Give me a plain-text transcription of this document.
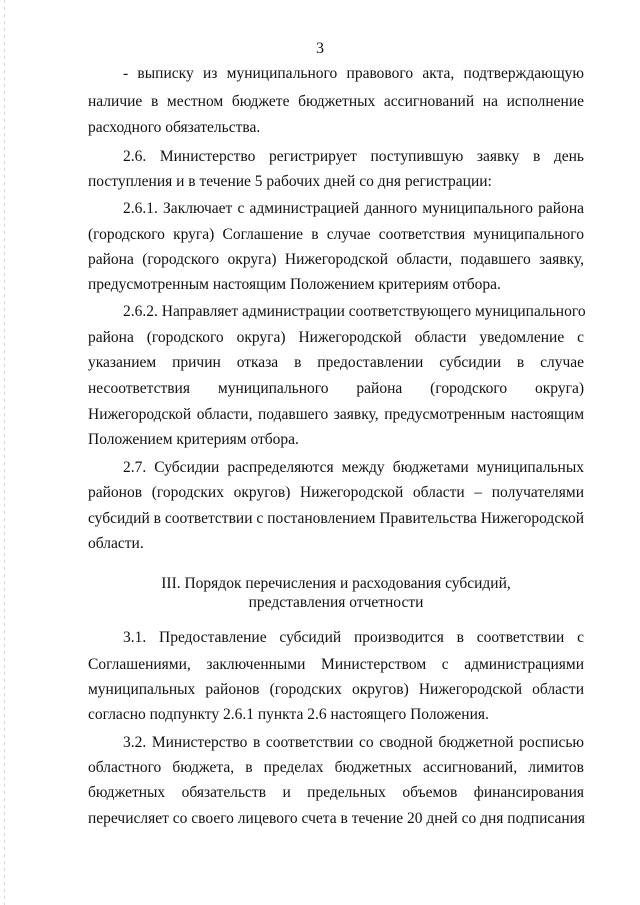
3
- выписку из муниципального правового акта, подтверждающую
наличие в местном бюджете бюджетных ассигнований на исполнение
расходного обязательства.
2.6. Министерство регистрирует поступившую заявку в день
поступления и в течение 5 рабочих дней со дня регистрации:
2.6.1. Заключает с администрацией данного муниципального района
(городского круга) Соглашение в случае соответствия муниципального
района (городского округа) Нижегородской области, подавшего заявку,
предусмотренным настоящим Положением критериям отбора.
2.6.2. Направляет администрации соответствующего муниципального
района (городского округа) Нижегородской области уведомление с
указанием причин отказа в предоставлении субсидии в случае
несоответствия муниципального района (городского округа)
Нижегородской области, подавшего заявку, предусмотренным настоящим
Положением критериям отбора.
2.7. Субсидии распределяются между бюджетами муниципальных
районов (городских округов) Нижегородской области – получателями
субсидий в соответствии с постановлением Правительства Нижегородской
области.
III. Порядок перечисления и расходования субсидий,
представления отчетности
3.1. Предоставление субсидий производится в соответствии с
Соглашениями, заключенными Министерством с администрациями
муниципальных районов (городских округов) Нижегородской области
согласно подпункту 2.6.1 пункта 2.6 настоящего Положения.
3.2. Министерство в соответствии со сводной бюджетной росписью
областного бюджета, в пределах бюджетных ассигнований, лимитов
бюджетных обязательств и предельных объемов финансирования
перечисляет со своего лицевого счета в течение 20 дней со дня подписания
